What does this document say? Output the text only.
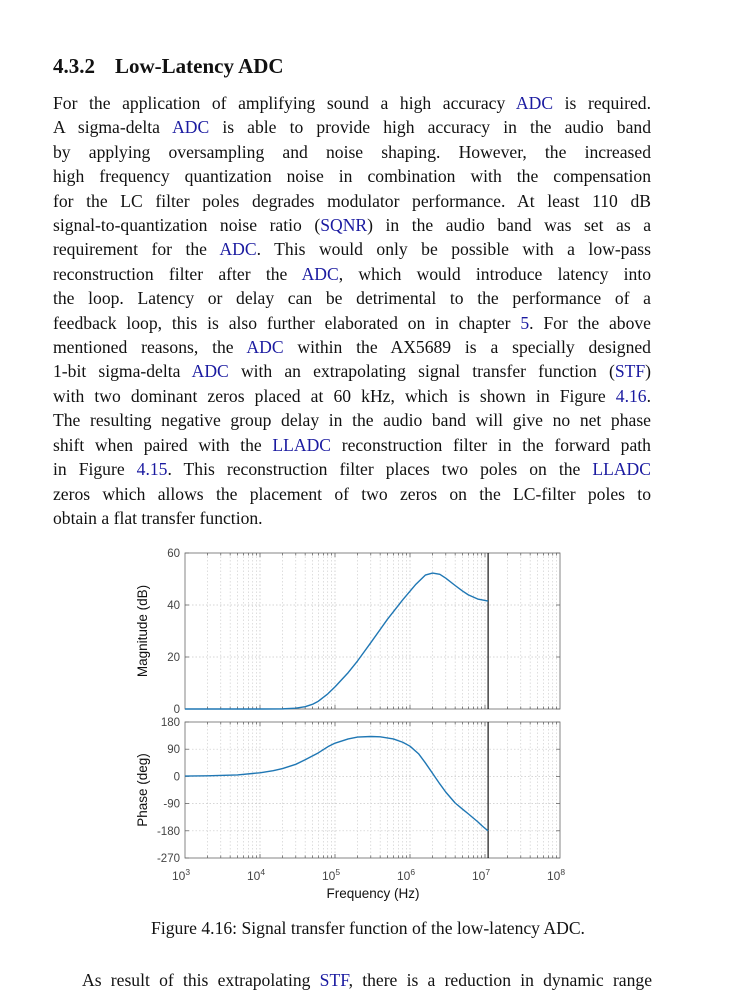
4.3.2 Low-Latency ADC
For the application of amplifying sound a high accuracy ADC is required.
A sigma-delta ADC is able to provide high accuracy in the audio band
by applying oversampling and noise shaping. However, the increased
high frequency quantization noise in combination with the compensation
for the LC filter poles degrades modulator performance. At least 110 dB
signal-to-quantization noise ratio (SQNR) in the audio band was set as a
requirement for the ADC. This would only be possible with a low-pass
reconstruction filter after the ADC, which would introduce latency into
the loop. Latency or delay can be detrimental to the performance of a
feedback loop, this is also further elaborated on in chapter 5. For the above
mentioned reasons, the ADC within the AX5689 is a specially designed
1-bit sigma-delta ADC with an extrapolating signal transfer function (STF)
with two dominant zeros placed at 60 kHz, which is shown in Figure 4.16.
The resulting negative group delay in the audio band will give no net phase
shift when paired with the LLADC reconstruction filter in the forward path
in Figure 4.15. This reconstruction filter places two poles on the LLADC
zeros which allows the placement of two zeros on the LC-filter poles to
obtain a flat transfer function.
0
20
40
60
Magnitude (dB)
-270
-180
-90
0
90
180
Phase (deg)
$10^3$	$10^4$	$10^5$	$10^6$	$10^7$	$10^8$
Frequency (Hz)
Figure 4.16: Signal transfer function of the low-latency ADC.
As result of this extrapolating STF, there is a reduction in dynamic range
